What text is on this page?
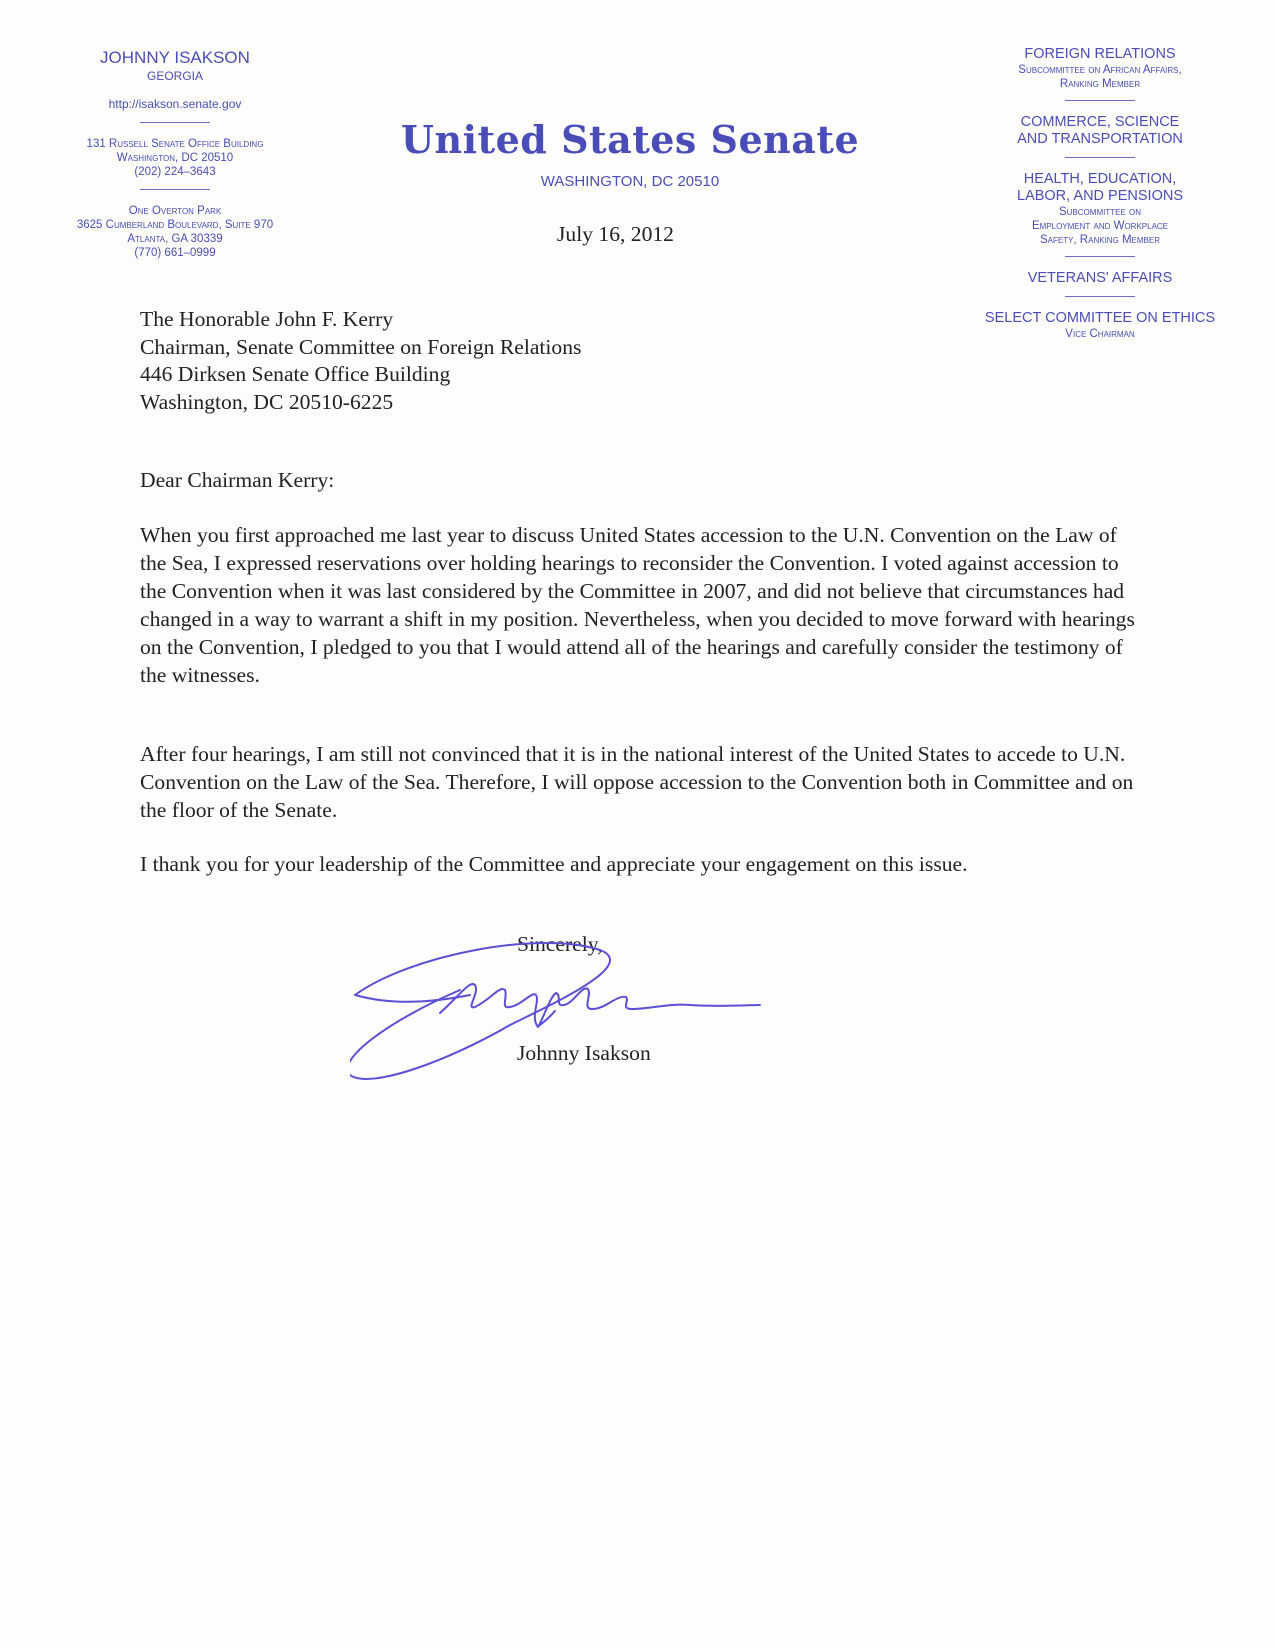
JOHNNY ISAKSON
GEORGIA
http://isakson.senate.gov
131 Russell Senate Office Building
Washington, DC 20510
(202) 224–3643
One Overton Park
3625 Cumberland Boulevard, Suite 970
Atlanta, GA 30339
(770) 661–0999
United States Senate
WASHINGTON, DC 20510
FOREIGN RELATIONS
Subcommittee on African Affairs,
Ranking Member
COMMERCE, SCIENCE
AND TRANSPORTATION
HEALTH, EDUCATION,
LABOR, AND PENSIONS
Subcommittee on
Employment and Workplace
Safety, Ranking Member
VETERANS' AFFAIRS
SELECT COMMITTEE ON ETHICS
Vice Chairman
July 16, 2012
The Honorable John F. Kerry
Chairman, Senate Committee on Foreign Relations
446 Dirksen Senate Office Building
Washington, DC 20510-6225
Dear Chairman Kerry:

When you first approached me last year to discuss United States accession to the U.N. Convention on the Law of the Sea, I expressed reservations over holding hearings to reconsider the Convention. I voted against accession to the Convention when it was last considered by the Committee in 2007, and did not believe that circumstances had changed in a way to warrant a shift in my position. Nevertheless, when you decided to move forward with hearings on the Convention, I pledged to you that I would attend all of the hearings and carefully consider the testimony of the witnesses.

After four hearings, I am still not convinced that it is in the national interest of the United States to accede to U.N. Convention on the Law of the Sea. Therefore, I will oppose accession to the Convention both in Committee and on the floor of the Senate.

I thank you for your leadership of the Committee and appreciate your engagement on this issue.

Sincerely,
Johnny Isakson
